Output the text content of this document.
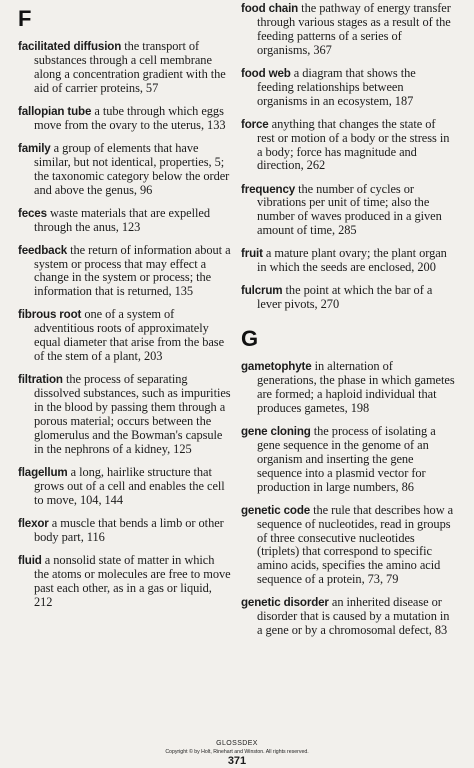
F

facilitated diffusion the transport of substances through a cell membrane along a concentration gradient with the aid of carrier proteins, 57

fallopian tube a tube through which eggs move from the ovary to the uterus, 133

family a group of elements that have similar, but not identical, properties, 5; the taxonomic category below the order and above the genus, 96

feces waste materials that are expelled through the anus, 123

feedback the return of information about a system or process that may effect a change in the system or process; the information that is returned, 135

fibrous root one of a system of adventitious roots of approximately equal diameter that arise from the base of the stem of a plant, 203

filtration the process of separating dissolved substances, such as impurities in the blood by passing them through a porous material; occurs between the glomerulus and the Bowman's capsule in the nephrons of a kidney, 125

flagellum a long, hairlike structure that grows out of a cell and enables the cell to move, 104, 144

flexor a muscle that bends a limb or other body part, 116

fluid a nonsolid state of matter in which the atoms or molecules are free to move past each other, as in a gas or liquid, 212

food chain the pathway of energy transfer through various stages as a result of the feeding patterns of a series of organisms, 367

food web a diagram that shows the feeding relationships between organisms in an ecosystem, 187

force anything that changes the state of rest or motion of a body or the stress in a body; force has magnitude and direction, 262

frequency the number of cycles or vibrations per unit of time; also the number of waves produced in a given amount of time, 285

fruit a mature plant ovary; the plant organ in which the seeds are enclosed, 200

fulcrum the point at which the bar of a lever pivots, 270

G

gametophyte in alternation of generations, the phase in which gametes are formed; a haploid individual that produces gametes, 198

gene cloning the process of isolating a gene sequence in the genome of an organism and inserting the gene sequence into a plasmid vector for production in large numbers, 86

genetic code the rule that describes how a sequence of nucleotides, read in groups of three consecutive nucleotides (triplets) that correspond to specific amino acids, specifies the amino acid sequence of a protein, 73, 79

genetic disorder an inherited disease or disorder that is caused by a mutation in a gene or by a chromosomal defect, 83

GLOSSDEX
Copyright © by Holt, Rinehart and Winston. All rights reserved.
371
